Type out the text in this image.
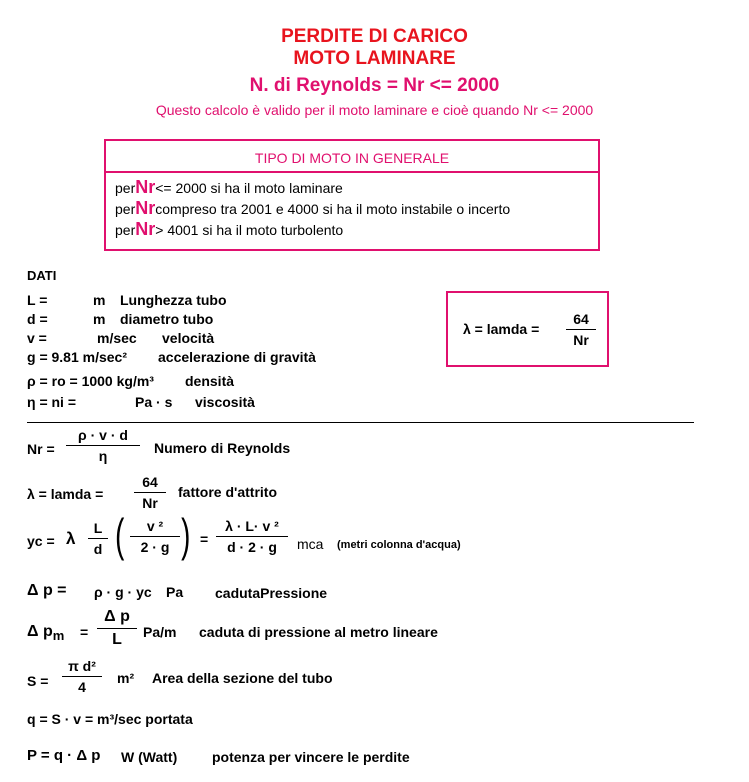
PERDITE DI CARICO
MOTO LAMINARE
N. di Reynolds = Nr <= 2000
Questo calcolo è valido per il moto laminare e cioè quando Nr <= 2000
TIPO DI MOTO IN GENERALE
perNr<= 2000 si ha il moto laminare
perNrcompreso tra 2001 e 4000 si ha il moto instabile o incerto
perNr> 4001 si ha il moto turbolento
DATI
L =	m Lunghezza tubo
d =	m diametro tubo
v =	m/sec velocità
g = 9.81 m/sec² accelerazione di gravità
ρ = ro = 1000 kg/m³ densità
η = ni =	Pa · s viscosità
λ = lamda =
64
Nr
Nr =
ρ · v · d
η	Numero di Reynolds
λ = lamda =
64
Nr
fattore d'attrito
yc = λ
L
d (	v ²
2 · g ) =
λ · L· v ²
d · 2 · g	mca (metri colonna d'acqua)
Δ p = ρ · g · yc Pa cadutaPressione
Δ $p_m$ =
Δ p
L	Pa/m caduta di pressione al metro lineare
S =
π d²
4
m² Area della sezione del tubo
q = S · v = m³/sec portata
P = q · Δ p W (Watt) potenza per vincere le perdite
